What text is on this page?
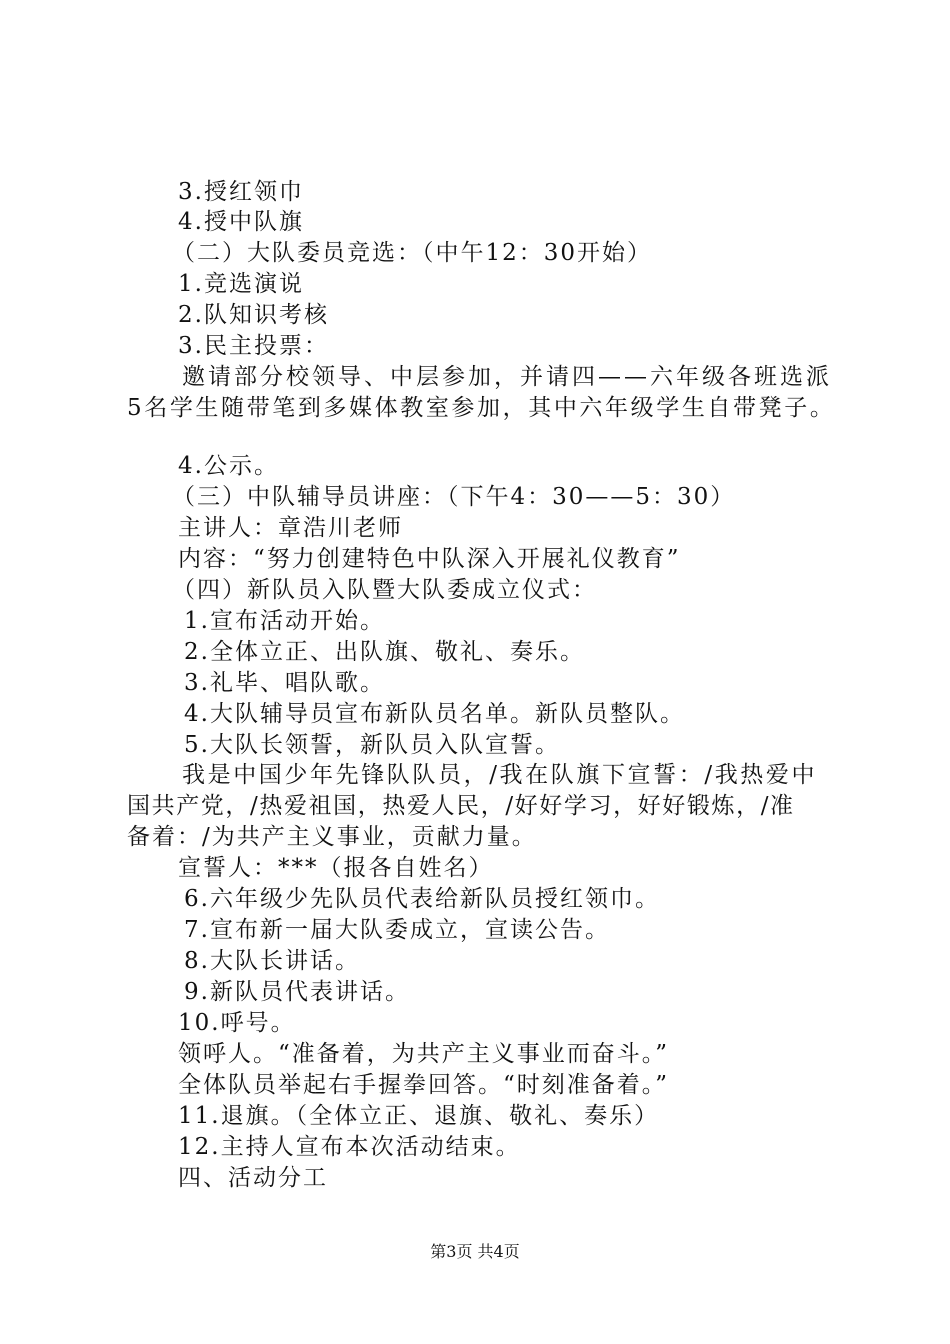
3.授红领巾
4.授中队旗
（二）大队委员竞选：（中午12：30开始）
1.竞选演说
2.队知识考核
3.民主投票：
邀请部分校领导、中层参加，并请四——六年级各班选派
5名学生随带笔到多媒体教室参加，其中六年级学生自带凳子。
4.公示。
（三）中队辅导员讲座：（下午4：30——5：30）
主讲人：章浩川老师
内容：“努力创建特色中队深入开展礼仪教育”
（四）新队员入队暨大队委成立仪式：
1.宣布活动开始。
2.全体立正、出队旗、敬礼、奏乐。
3.礼毕、唱队歌。
4.大队辅导员宣布新队员名单。新队员整队。
5.大队长领誓，新队员入队宣誓。
我是中国少年先锋队队员，/我在队旗下宣誓：/我热爱中
国共产党，/热爱祖国，热爱人民，/好好学习，好好锻炼，/准
备着：/为共产主义事业，贡献力量。
宣誓人：***（报各自姓名）
6.六年级少先队员代表给新队员授红领巾。
7.宣布新一届大队委成立，宣读公告。
8.大队长讲话。
9.新队员代表讲话。
10.呼号。
领呼人。“准备着，为共产主义事业而奋斗。”
全体队员举起右手握拳回答。“时刻准备着。”
11.退旗。（全体立正、退旗、敬礼、奏乐）
12.主持人宣布本次活动结束。
四、活动分工
第3页 共4页
